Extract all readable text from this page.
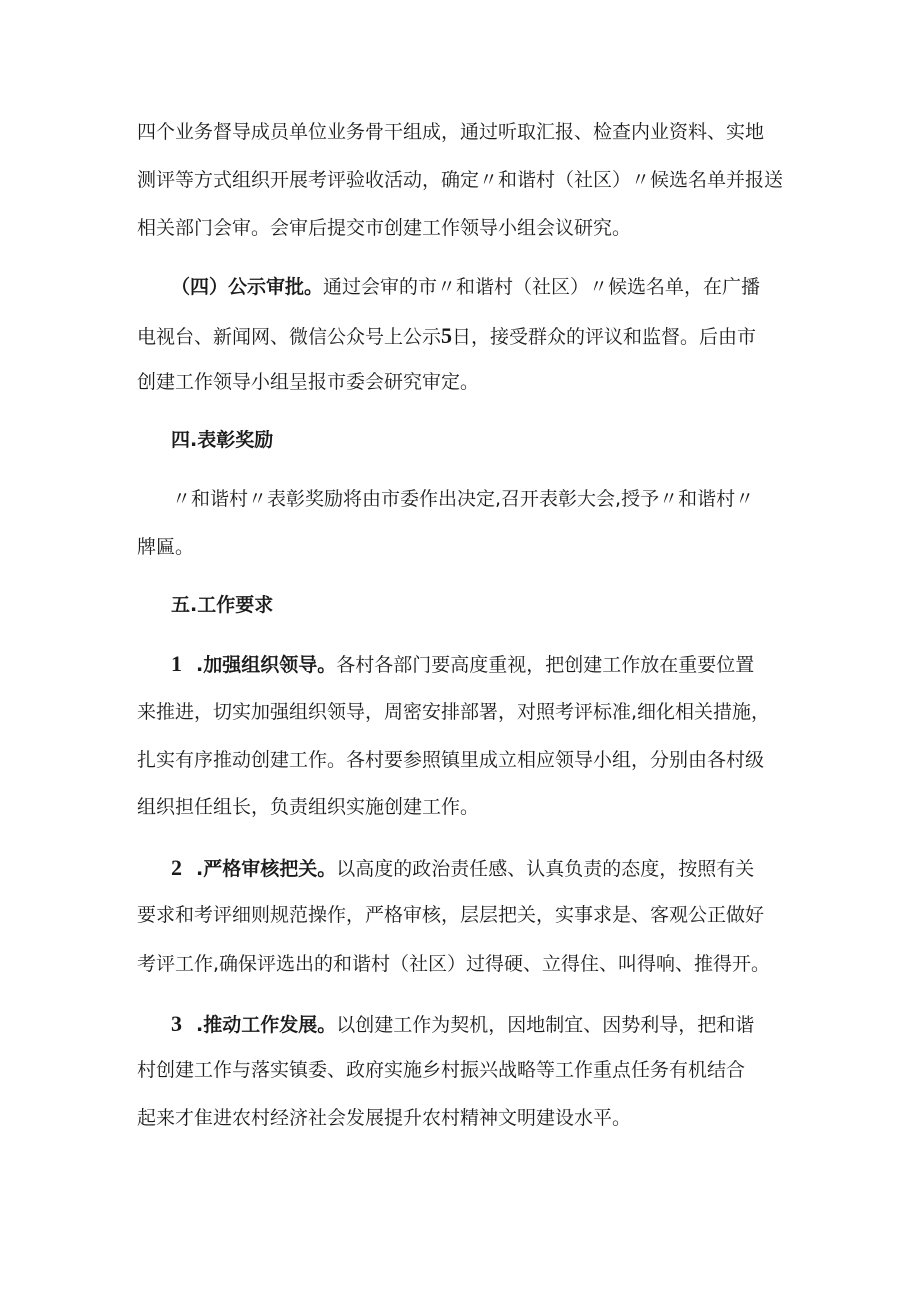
四个业务督导成员单位业务骨干组成，通过听取汇报、检查内业资料、实地

测评等方式组织开展考评验收活动，确定〃和谐村（社区）〃候选名单并报送

相关部门会审。会审后提交市创建工作领导小组会议研究。

（四）公示审批。通过会审的市〃和谐村（社区）〃候选名单，在广播

电视台、新闻网、微信公众号上公示5日，接受群众的评议和监督。后由市

创建工作领导小组呈报市委会研究审定。

四.表彰奖励

〃和谐村〃表彰奖励将由市委作出决定,召开表彰大会,授予〃和谐村〃

牌匾。

五.工作要求

1 .加强组织领导。各村各部门要高度重视，把创建工作放在重要位置

来推进，切实加强组织领导，周密安排部署，对照考评标准,细化相关措施，

扎实有序推动创建工作。各村要参照镇里成立相应领导小组，分别由各村级

组织担任组长，负责组织实施创建工作。

2 .严格审核把关。以高度的政治责任感、认真负责的态度，按照有关

要求和考评细则规范操作，严格审核，层层把关，实事求是、客观公正做好

考评工作,确保评选出的和谐村（社区）过得硬、立得住、叫得响、推得开。

3 .推动工作发展。以创建工作为契机，因地制宜、因势利导，把和谐

村创建工作与落实镇委、政府实施乡村振兴战略等工作重点任务有机结合

起来才隹进农村经济社会发展提升农村精神文明建设水平。
